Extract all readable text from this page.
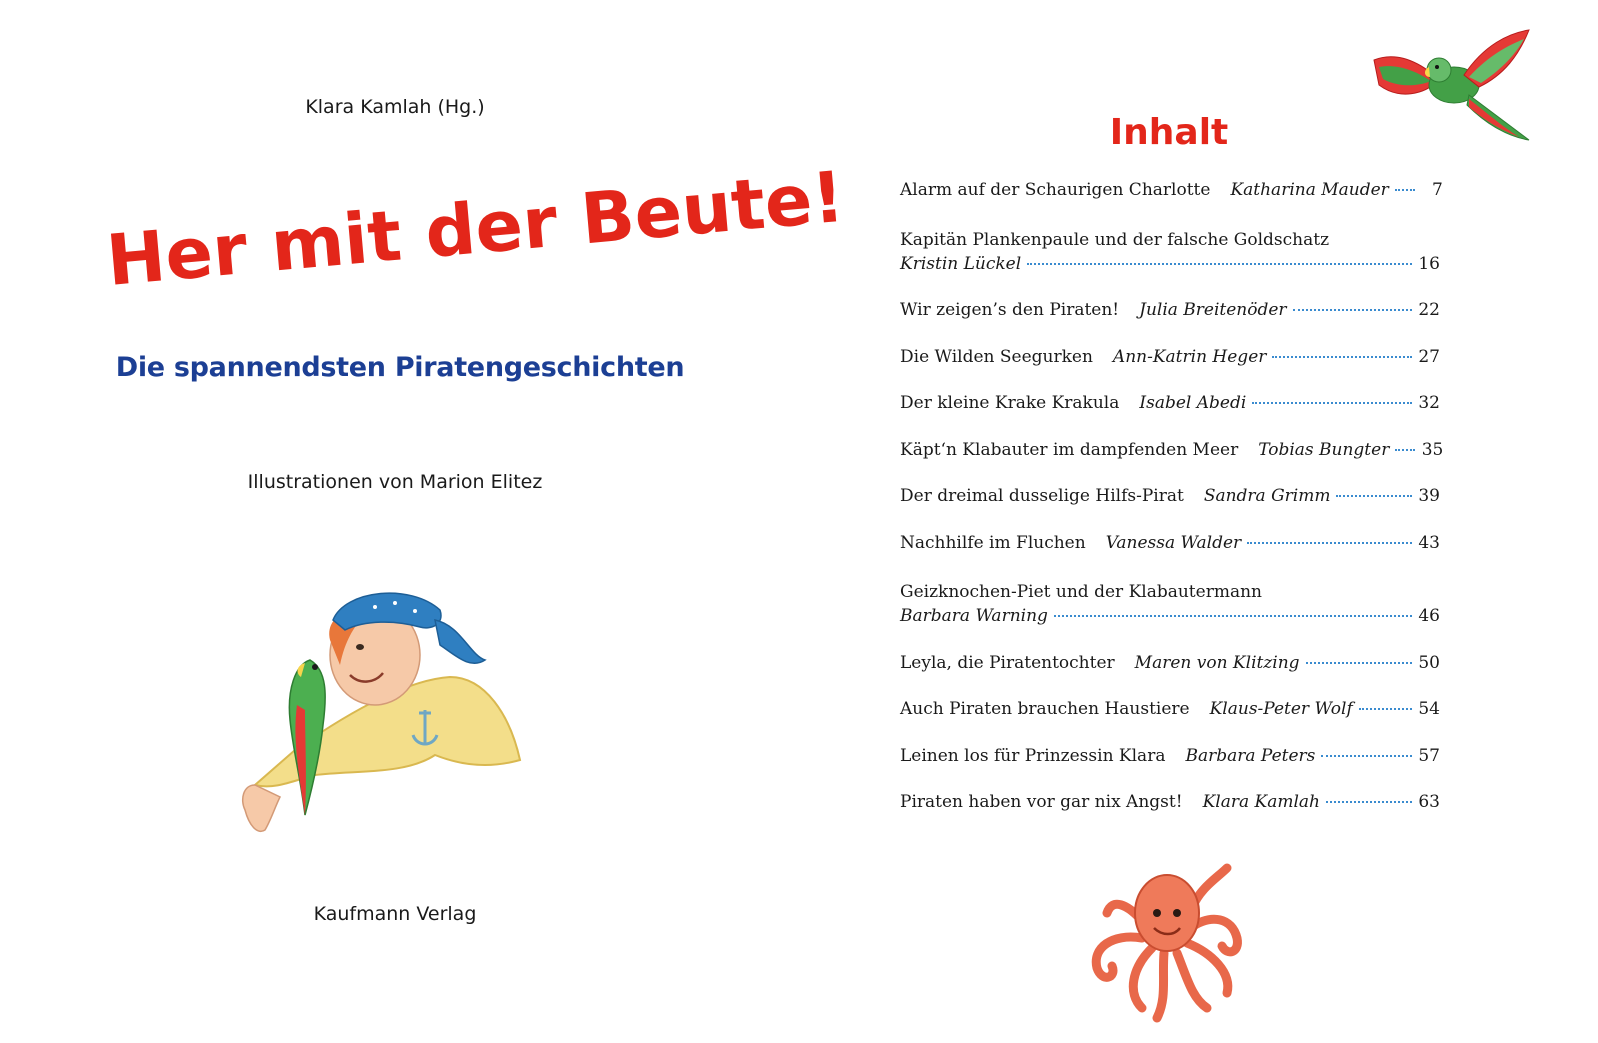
Klara Kamlah (Hg.)
Her mit der Beute!
Die spannendsten Piratengeschichten
Illustrationen von Marion Elitez
Kaufmann Verlag
Inhalt
Alarm auf der Schaurigen Charlotte Katharina Mauder	7
Kapitän Plankenpaule und der falsche Goldschatz
Kristin Lückel	16
Wir zeigen’s den Piraten! Julia Breitenöder	22
Die Wilden Seegurken Ann-Katrin Heger	27
Der kleine Krake Krakula Isabel Abedi	32
Käpt‘n Klabauter im dampfenden Meer Tobias Bungter 35
Der dreimal dusselige Hilfs-Pirat Sandra Grimm	39
Nachhilfe im Fluchen Vanessa Walder	43
Geizknochen-Piet und der Klabautermann
Barbara Warning	46
Leyla, die Piratentochter Maren von Klitzing	50
Auch Piraten brauchen Haustiere Klaus-Peter Wolf	54
Leinen los für Prinzessin Klara Barbara Peters	57
Piraten haben vor gar nix Angst! Klara Kamlah	63
